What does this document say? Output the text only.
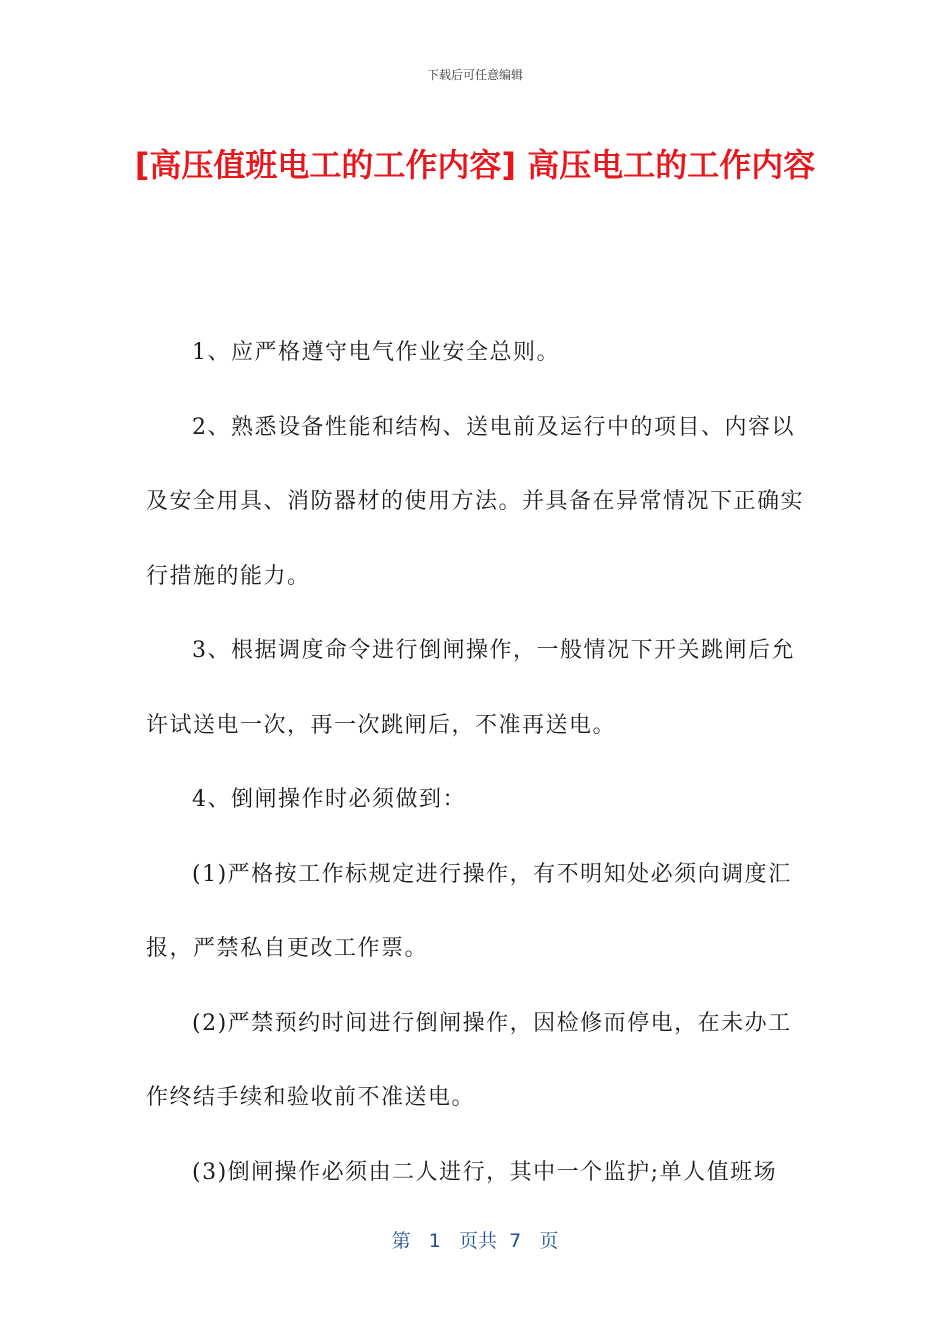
下载后可任意编辑
[高压值班电工的工作内容] 高压电工的工作内容

1、应严格遵守电气作业安全总则。

2、熟悉设备性能和结构、送电前及运行中的项目、内容以及安全用具、消防器材的使用方法。并具备在异常情况下正确实行措施的能力。

3、根据调度命令进行倒闸操作，一般情况下开关跳闸后允许试送电一次，再一次跳闸后，不准再送电。

4、倒闸操作时必须做到：

(1)严格按工作标规定进行操作，有不明知处必须向调度汇报，严禁私自更改工作票。

(2)严禁预约时间进行倒闸操作，因检修而停电，在未办工作终结手续和验收前不准送电。

(3)倒闸操作必须由二人进行，其中一个监护;单人值班场

第 1 页共 7 页
